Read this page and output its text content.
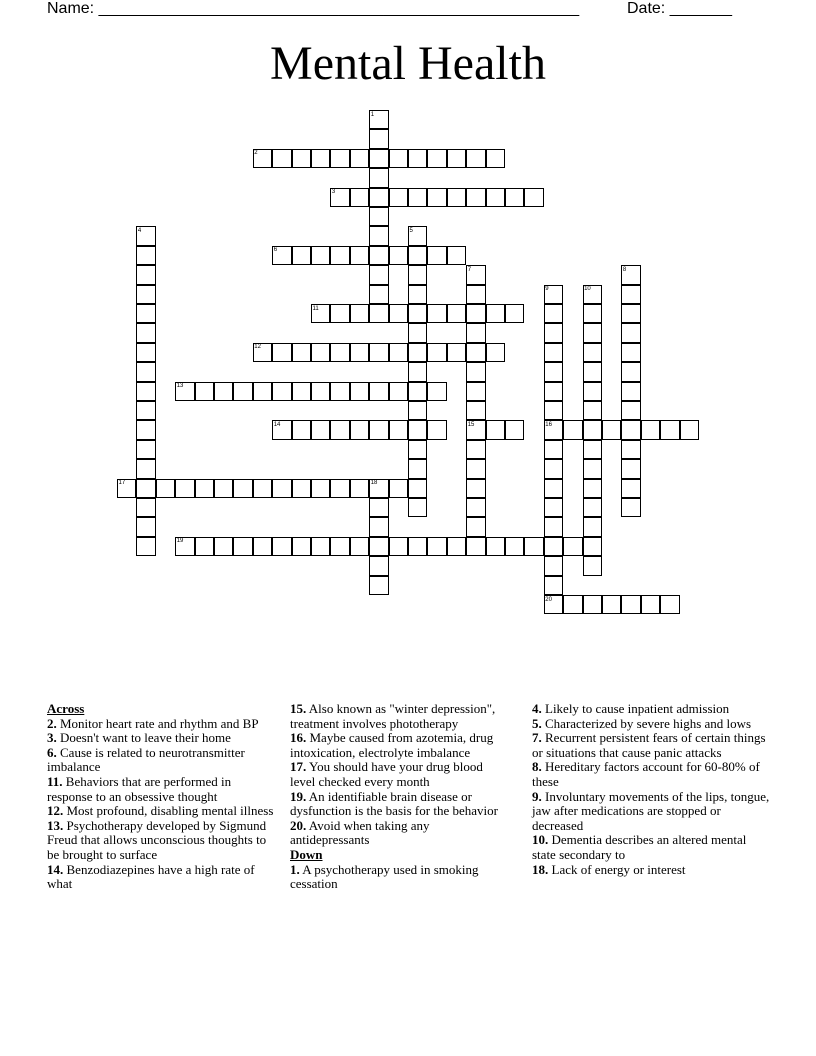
Name: ______________________________________________________	Date: _______
Mental Health
1
2
3
4	5
6
7	8
9	10
11
12
13
14	15	16
17	18
19
20

Across

2. Monitor heart rate and rhythm and BP

3. Doesn't want to leave their home

6. Cause is related to neurotransmitter imbalance

11. Behaviors that are performed in response to an obsessive thought

12. Most profound, disabling mental illness

13. Psychotherapy developed by Sigmund Freud that allows unconscious thoughts to be brought to surface

14. Benzodiazepines have a high rate of what

15. Also known as "winter depression", treatment involves phototherapy

16. Maybe caused from azotemia, drug intoxication, electrolyte imbalance

17. You should have your drug blood level checked every month

19. An identifiable brain disease or dysfunction is the basis for the behavior

20. Avoid when taking any antidepressants

Down

1. A psychotherapy used in smoking cessation

4. Likely to cause inpatient admission

5. Characterized by severe highs and lows

7. Recurrent persistent fears of certain things or situations that cause panic attacks

8. Hereditary factors account for 60-80% of these

9. Involuntary movements of the lips, tongue, jaw after medications are stopped or decreased

10. Dementia describes an altered mental state secondary to

18. Lack of energy or interest
